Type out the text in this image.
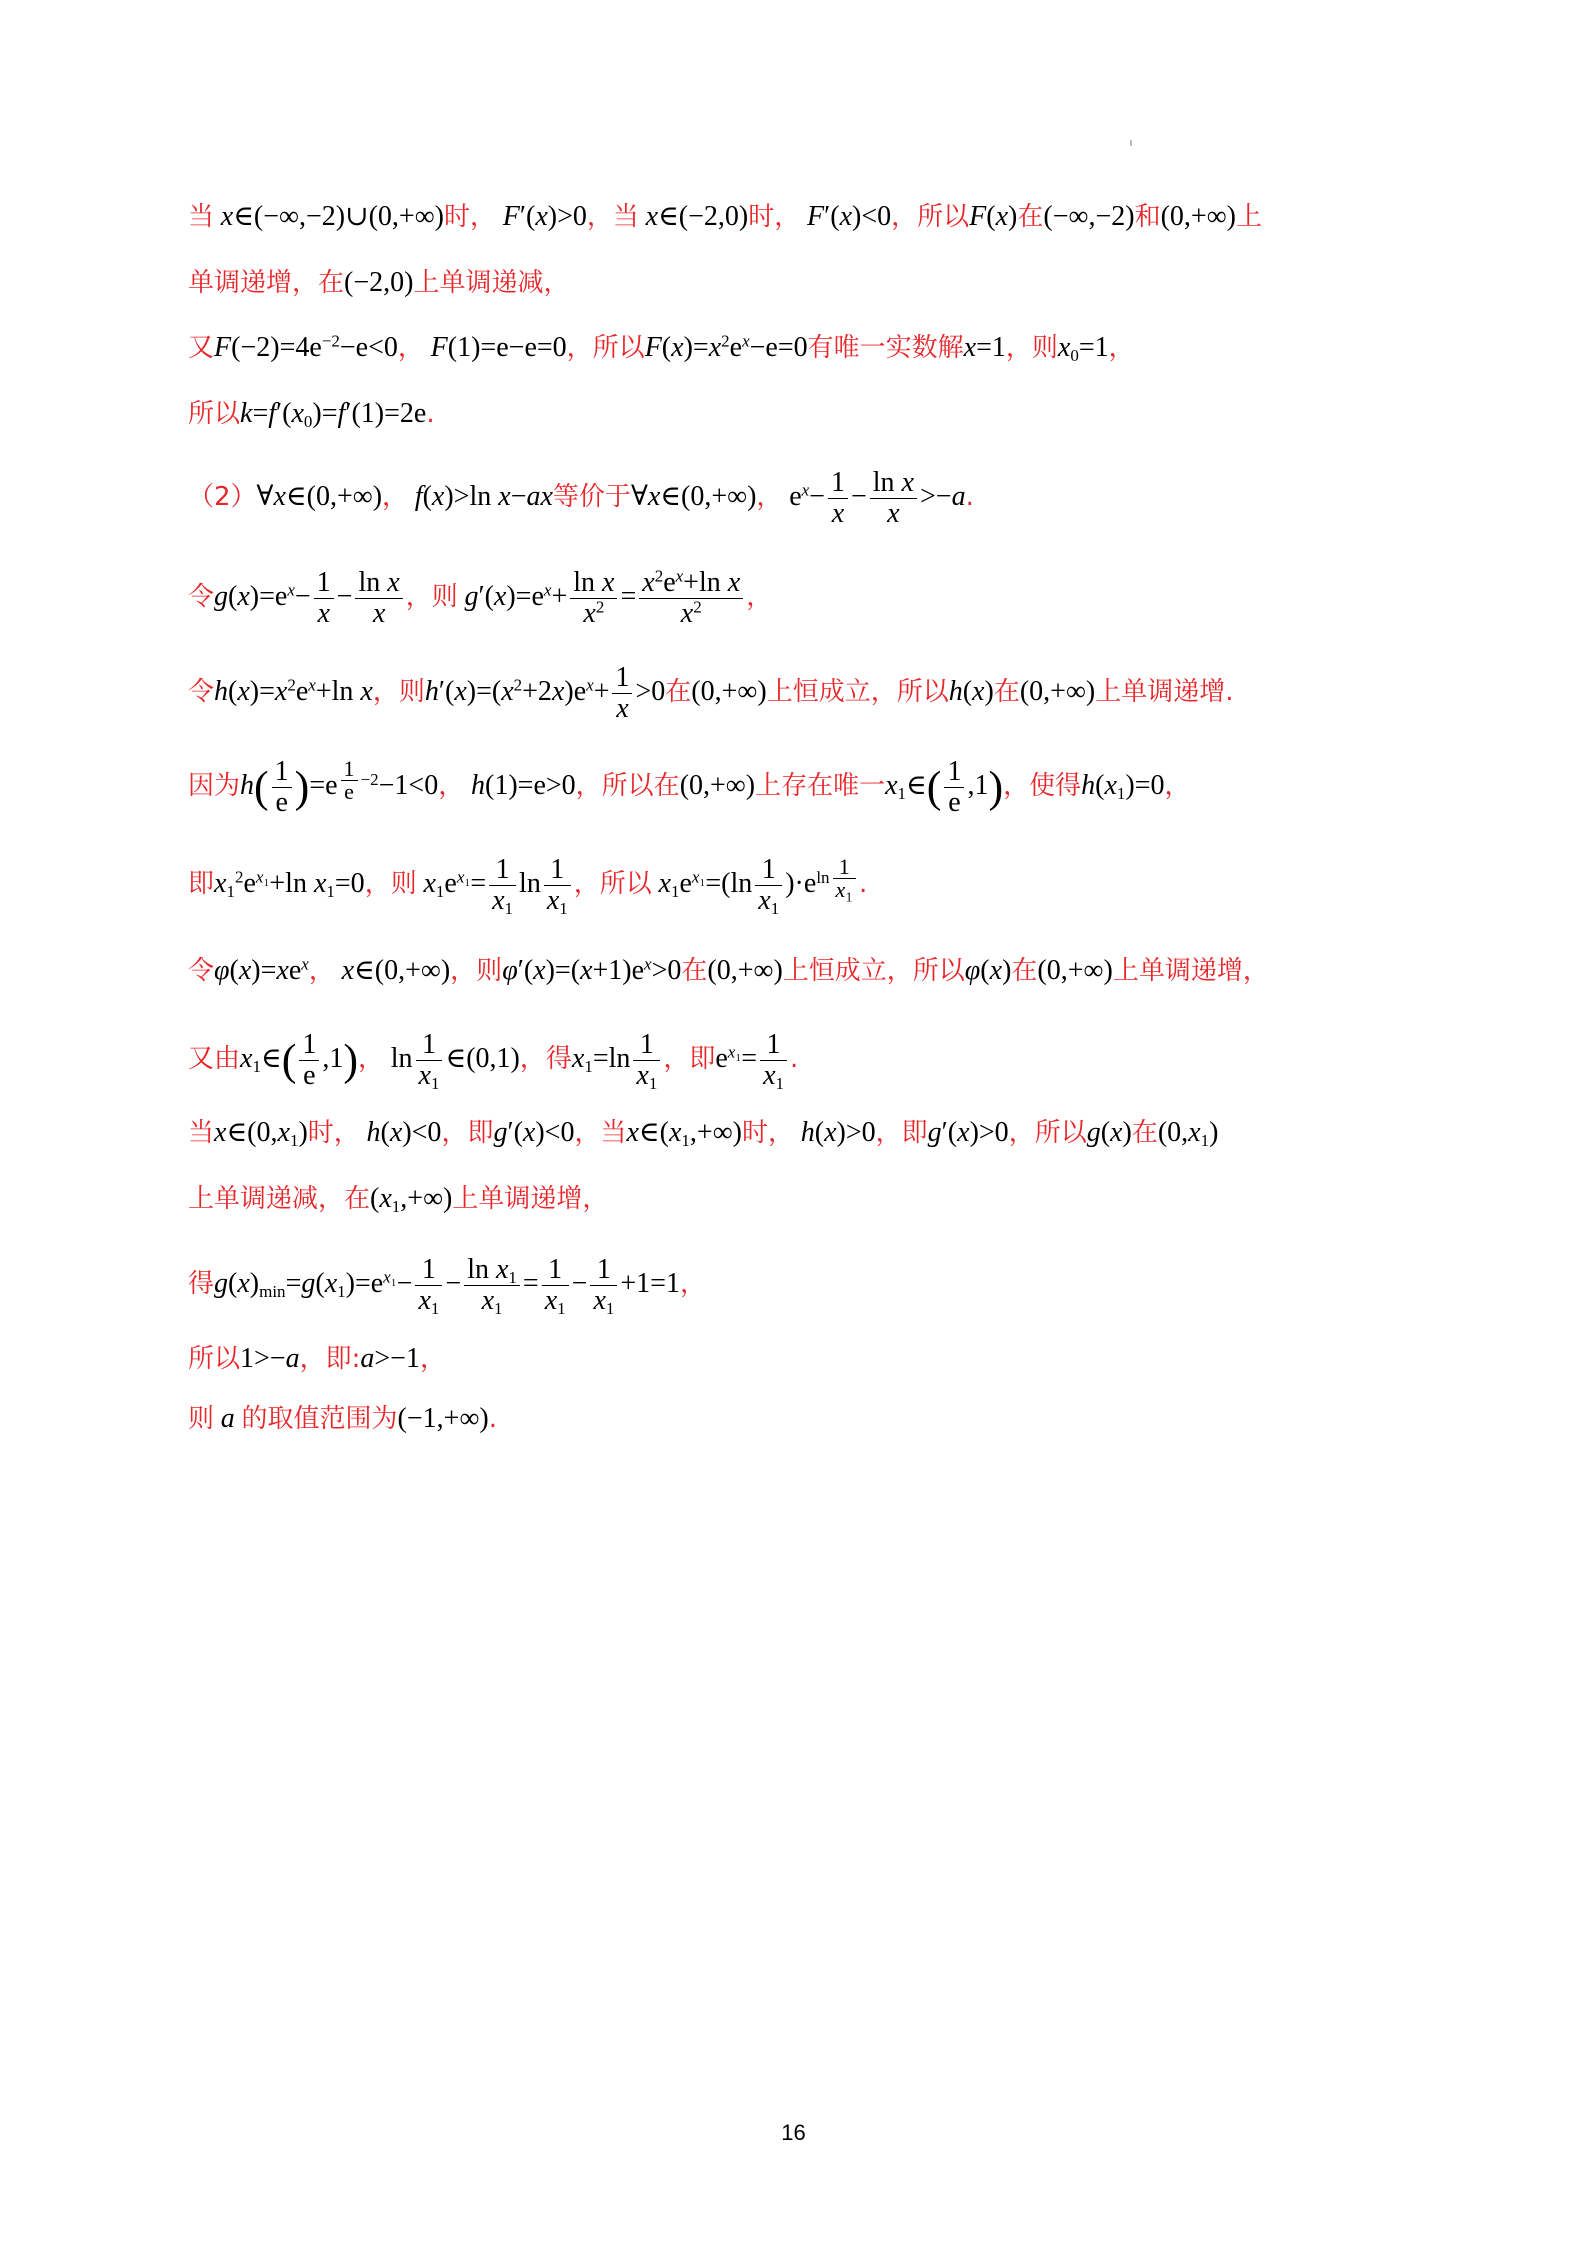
当 x∈(−∞,−2)∪(0,+∞)时， F′(x)>0，当 x∈(−2,0)时， F′(x)<0，所以F(x)在(−∞,−2)和(0,+∞)上
单调递增，在(−2,0)上单调递减，
又$F(-2)=4e^{-2}-e<0$， F(1)=e−e=0，所以$F(x)=x^2e^x-e=0$有唯一实数解x=1，则$x_0=1$，
所以$k=f'(x_0)=f'(1)=2e$.
（2）∀x∈(0,+∞)， f(x)>ln x−ax等价于∀x∈(0,+∞)， $e^x- \frac{1}{x} - \frac{\text{ln x}}{x} >-a$.
令$g(x)=e^x- \frac{1}{x} - \frac{\text{ln x}}{x}$ ，则 $g'(x)=e^x+ \frac{\text{ln x}}{x^2} = \frac{x^2e^x+\ln x}{x^2}$ ，
令$h(x)=x^2e^x+\ln$ x，则$h'(x)=(x^2+2x)e^x+ \frac{1}{x} >0$在(0,+∞)上恒成立，所以h(x)在(0,+∞)上单调递增.
因为$h( \frac{1}{e} )=e$ $^{\frac{1}{e} -2}$−1<0， h(1)=e>0，所以在(0,+∞)上存在唯一$x_1\in( \frac{1}{e} ,1)$，使得$h(x_1)=0$，
即$x_1^2e^{x_1}+\ln$ $x_1=0$，则 $x_1e^{x_1}= \frac{1}{x_1}$ $\ln \frac{1}{x_1}$ ，所以 $x_1e^{x_1}=(\ln \frac{1}{x_1} )\cdot e^{ln \frac{1}{\text{x₁}}}$ .
令$\varphi(x)=xe^x$， x∈(0,+∞)，则$\varphi'(x)=(x+1)e^x>0$在(0,+∞)上恒成立，所以φ(x)在(0,+∞)上单调递增，
又由$x_1\in( \frac{1}{e} ,1)$， $\ln \frac{1}{x_1}$ ∈(0,1)，得$x_1=\ln \frac{1}{x_1}$ ，即$e^{x_1}= \frac{1}{x_1}$ .
当$x\in(0,x_1)$时， h(x)<0，即g′(x)<0，当$x\in(x_1,+\infty)$时， h(x)>0，即g′(x)>0，所以g(x)在$(0,x_1)$
上单调递减，在$(x_1,+\infty)$上单调递增，
得$g(x)_{min}=g(x_1)=e^{x_1}- \frac{1}{x_1} - \frac{\ln x_1}{x_1} = \frac{1}{x_1} - \frac{1}{x_1} +1=1$，
所以1>−a，即:a>−1，
则 a 的取值范围为(−1,+∞).
16
